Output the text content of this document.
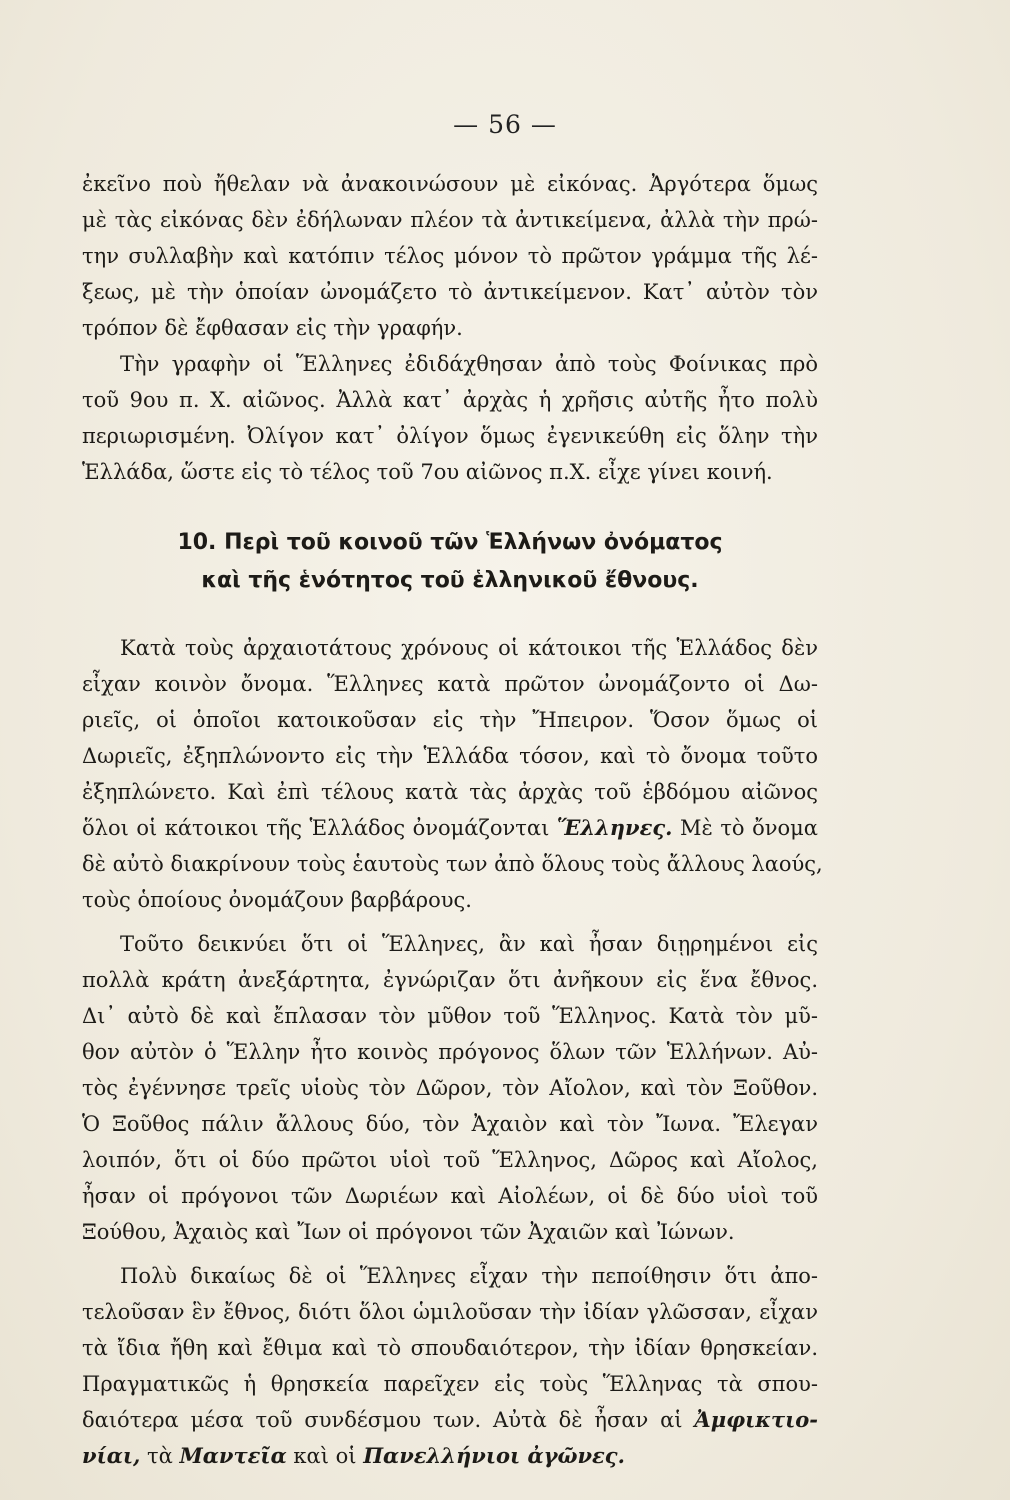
— 56 —
ἐκεῖνο ποὺ ἤθελαν νὰ ἀνακοινώσουν μὲ εἰκόνας. Ἀργότερα ὅμως
μὲ τὰς εἰκόνας δὲν ἐδήλωναν πλέον τὰ ἀντικείμενα, ἀλλὰ τὴν πρώ-
την συλλαβὴν καὶ κατόπιν τέλος μόνον τὸ πρῶτον γράμμα τῆς λέ-
ξεως, μὲ τὴν ὁποίαν ὠνομάζετο τὸ ἀντικείμενον. Κατ᾿ αὐτὸν τὸν
τρόπον δὲ ἔφθασαν εἰς τὴν γραφήν.
Τὴν γραφὴν οἱ Ἕλληνες ἐδιδάχθησαν ἀπὸ τοὺς Φοίνικας πρὸ
τοῦ 9ου π. Χ. αἰῶνος. Ἀλλὰ κατ᾿ ἀρχὰς ἡ χρῆσις αὐτῆς ἦτο πολὺ
περιωρισμένη. Ὀλίγον κατ᾿ ὀλίγον ὅμως ἐγενικεύθη εἰς ὅλην τὴν
Ἑλλάδα, ὥστε εἰς τὸ τέλος τοῦ 7ου αἰῶνος π.Χ. εἶχε γίνει κοινή.
10. Περὶ τοῦ κοινοῦ τῶν Ἑλλήνων ὀνόματος
καὶ τῆς ἑνότητος τοῦ ἑλληνικοῦ ἔθνους.
Κατὰ τοὺς ἀρχαιοτάτους χρόνους οἱ κάτοικοι τῆς Ἑλλάδος δὲν
εἶχαν κοινὸν ὄνομα. Ἕλληνες κατὰ πρῶτον ὠνομάζοντο οἱ Δω-
ριεῖς, οἱ ὁποῖοι κατοικοῦσαν εἰς τὴν Ἤπειρον. Ὅσον ὅμως οἱ
Δωριεῖς, ἐξηπλώνοντο εἰς τὴν Ἑλλάδα τόσον, καὶ τὸ ὄνομα τοῦτο
ἐξηπλώνετο. Καὶ ἐπὶ τέλους κατὰ τὰς ἀρχὰς τοῦ ἑβδόμου αἰῶνος
ὅλοι οἱ κάτοικοι τῆς Ἑλλάδος ὀνομάζονται Ἕλληνες. Μὲ τὸ ὄνομα
δὲ αὐτὸ διακρίνουν τοὺς ἑαυτοὺς των ἀπὸ ὅλους τοὺς ἄλλους λαούς,
τοὺς ὁποίους ὀνομάζουν βαρβάρους.
Τοῦτο δεικνύει ὅτι οἱ Ἕλληνες, ἂν καὶ ἦσαν διῃρημένοι εἰς
πολλὰ κράτη ἀνεξάρτητα, ἐγνώριζαν ὅτι ἀνῆκουν εἰς ἕνα ἔθνος.
Δι᾿ αὐτὸ δὲ καὶ ἔπλασαν τὸν μῦθον τοῦ Ἕλληνος. Κατὰ τὸν μῦ-
θον αὐτὸν ὁ Ἕλλην ἦτο κοινὸς πρόγονος ὅλων τῶν Ἑλλήνων. Αὐ-
τὸς ἐγέννησε τρεῖς υἱοὺς τὸν Δῶρον, τὸν Αἴολον, καὶ τὸν Ξοῦθον.
Ὁ Ξοῦθος πάλιν ἄλλους δύο, τὸν Ἀχαιὸν καὶ τὸν Ἴωνα. Ἔλεγαν
λοιπόν, ὅτι οἱ δύο πρῶτοι υἱοὶ τοῦ Ἕλληνος, Δῶρος καὶ Αἴολος,
ἦσαν οἱ πρόγονοι τῶν Δωριέων καὶ Αἰολέων, οἱ δὲ δύο υἱοὶ τοῦ
Ξούθου, Ἀχαιὸς καὶ Ἴων οἱ πρόγονοι τῶν Ἀχαιῶν καὶ Ἰώνων.
Πολὺ δικαίως δὲ οἱ Ἕλληνες εἶχαν τὴν πεποίθησιν ὅτι ἀπο-
τελοῦσαν ἓν ἔθνος, διότι ὅλοι ὡμιλοῦσαν τὴν ἰδίαν γλῶσσαν, εἶχαν
τὰ ἴδια ἤθη καὶ ἔθιμα καὶ τὸ σπουδαιότερον, τὴν ἰδίαν θρησκείαν.
Πραγματικῶς ἡ θρησκεία παρεῖχεν εἰς τοὺς Ἕλληνας τὰ σπου-
δαιότερα μέσα τοῦ συνδέσμου των. Αὐτὰ δὲ ἦσαν αἱ Ἀμφικτιο-
νίαι, τὰ Μαντεῖα καὶ οἱ Πανελλήνιοι ἀγῶνες.
